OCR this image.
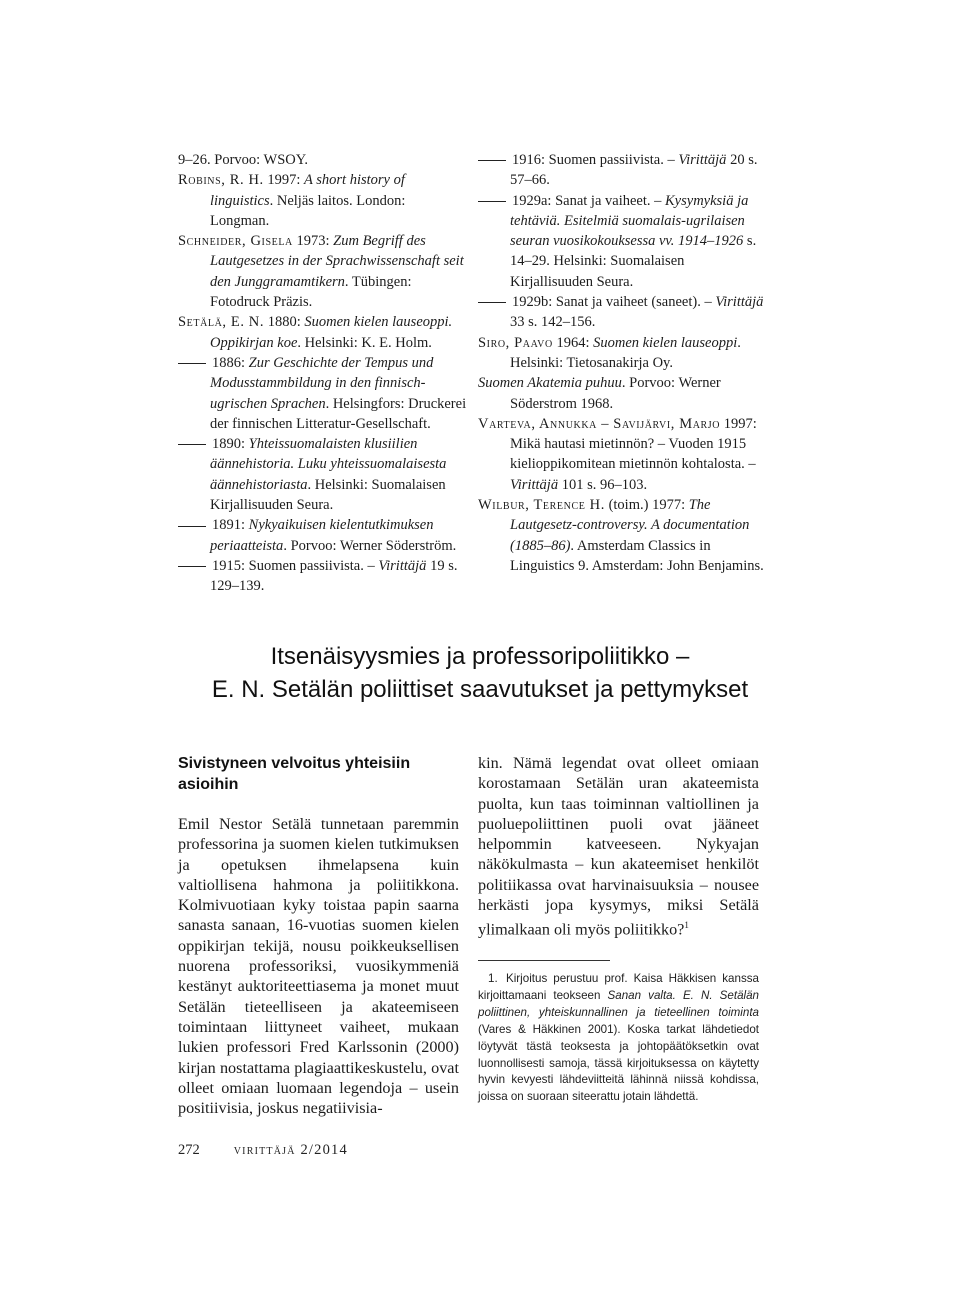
9–26. Porvoo: WSOY.

Robins, R. H. 1997: A short history of linguistics. Neljäs laitos. London: Longman.

Schneider, Gisela 1973: Zum Begriff des Lautgesetzes in der Sprachwissenschaft seit den Junggramamtikern. Tübingen: Fotodruck Präzis.

Setälä, E. N. 1880: Suomen kielen lauseoppi. Oppikirjan koe. Helsinki: K. E. Holm.

1886: Zur Geschichte der Tempus und Modusstammbildung in den finnisch-ugrischen Sprachen. Helsingfors: Druckerei der finnischen Litteratur-Gesellschaft.

1890: Yhteissuomalaisten klusiilien äännehistoria. Luku yhteissuomalaisesta äännehistoriasta. Helsinki: Suomalaisen Kirjallisuuden Seura.

1891: Nykyaikuisen kielentutkimuksen periaatteista. Porvoo: Werner Söderström.

1915: Suomen passiivista. – Virittäjä 19 s. 129–139.

1916: Suomen passiivista. – Virittäjä 20 s. 57–66.

1929a: Sanat ja vaiheet. – Kysymyksiä ja tehtäviä. Esitelmiä suomalais-ugrilaisen seuran vuosikokouksessa vv. 1914–1926 s. 14–29. Helsinki: Suomalaisen Kirjallisuuden Seura.

1929b: Sanat ja vaiheet (saneet). – Virittäjä 33 s. 142–156.

Siro, Paavo 1964: Suomen kielen lauseoppi. Helsinki: Tietosanakirja Oy.

Suomen Akatemia puhuu. Porvoo: Werner Söderstrom 1968.

Varteva, Annukka – Savijärvi, Marjo 1997: Mikä hautasi mietinnön? – Vuoden 1915 kielioppikomitean mietinnön kohtalosta. – Virittäjä 101 s. 96–103.

Wilbur, Terence H. (toim.) 1977: The Lautgesetz-controversy. A documentation (1885–86). Amsterdam Classics in Linguistics 9. Amsterdam: John Benjamins.

Itsenäisyysmies ja professoripoliitikko –
E. N. Setälän poliittiset saavutukset ja pettymykset
Sivistyneen velvoitus yhteisiin asioihin

Emil Nestor Setälä tunnetaan paremmin professorina ja suomen kielen tutkimuksen ja opetuksen ihmelapsena kuin valtiollisena hahmona ja poliitikkona. Kolmivuotiaan kyky toistaa papin saarna sanasta sanaan, 16-vuotias suomen kielen oppikirjan tekijä, nousu poikkeuksellisen nuorena professoriksi, vuosikymmeniä kestänyt auktoriteettiasema ja monet muut Setälän tieteelliseen ja akateemiseen toimintaan liittyneet vaiheet, mukaan lukien professori Fred Karlssonin (2000) kirjan nostattama plagiaattikeskustelu, ovat olleet omiaan luomaan legendoja – usein positiivisia, joskus negatiivisia-

kin. Nämä legendat ovat olleet omiaan korostamaan Setälän uran akateemista puolta, kun taas toiminnan valtiollinen ja puoluepoliittinen puoli ovat jääneet helpommin katveeseen. Nykyajan näkökulmasta – kun akateemiset henkilöt politiikassa ovat harvinaisuuksia – nousee herkästi jopa kysymys, miksi Setälä ylimalkaan oli myös poliitikko?$^1$

1. Kirjoitus perustuu prof. Kaisa Häkkisen kanssa kirjoittamaani teokseen Sanan valta. E. N. Setälän poliittinen, yhteiskunnallinen ja tieteellinen toiminta (Vares & Häkkinen 2001). Koska tarkat lähdetiedot löytyvät tästä teoksesta ja johtopäätöksetkin ovat luonnollisesti samoja, tässä kirjoituksessa on käytetty hyvin kevyesti lähdeviitteitä lähinnä niissä kohdissa, joissa on suoraan siteerattu jotain lähdettä.

272 virittäjä 2/2014
